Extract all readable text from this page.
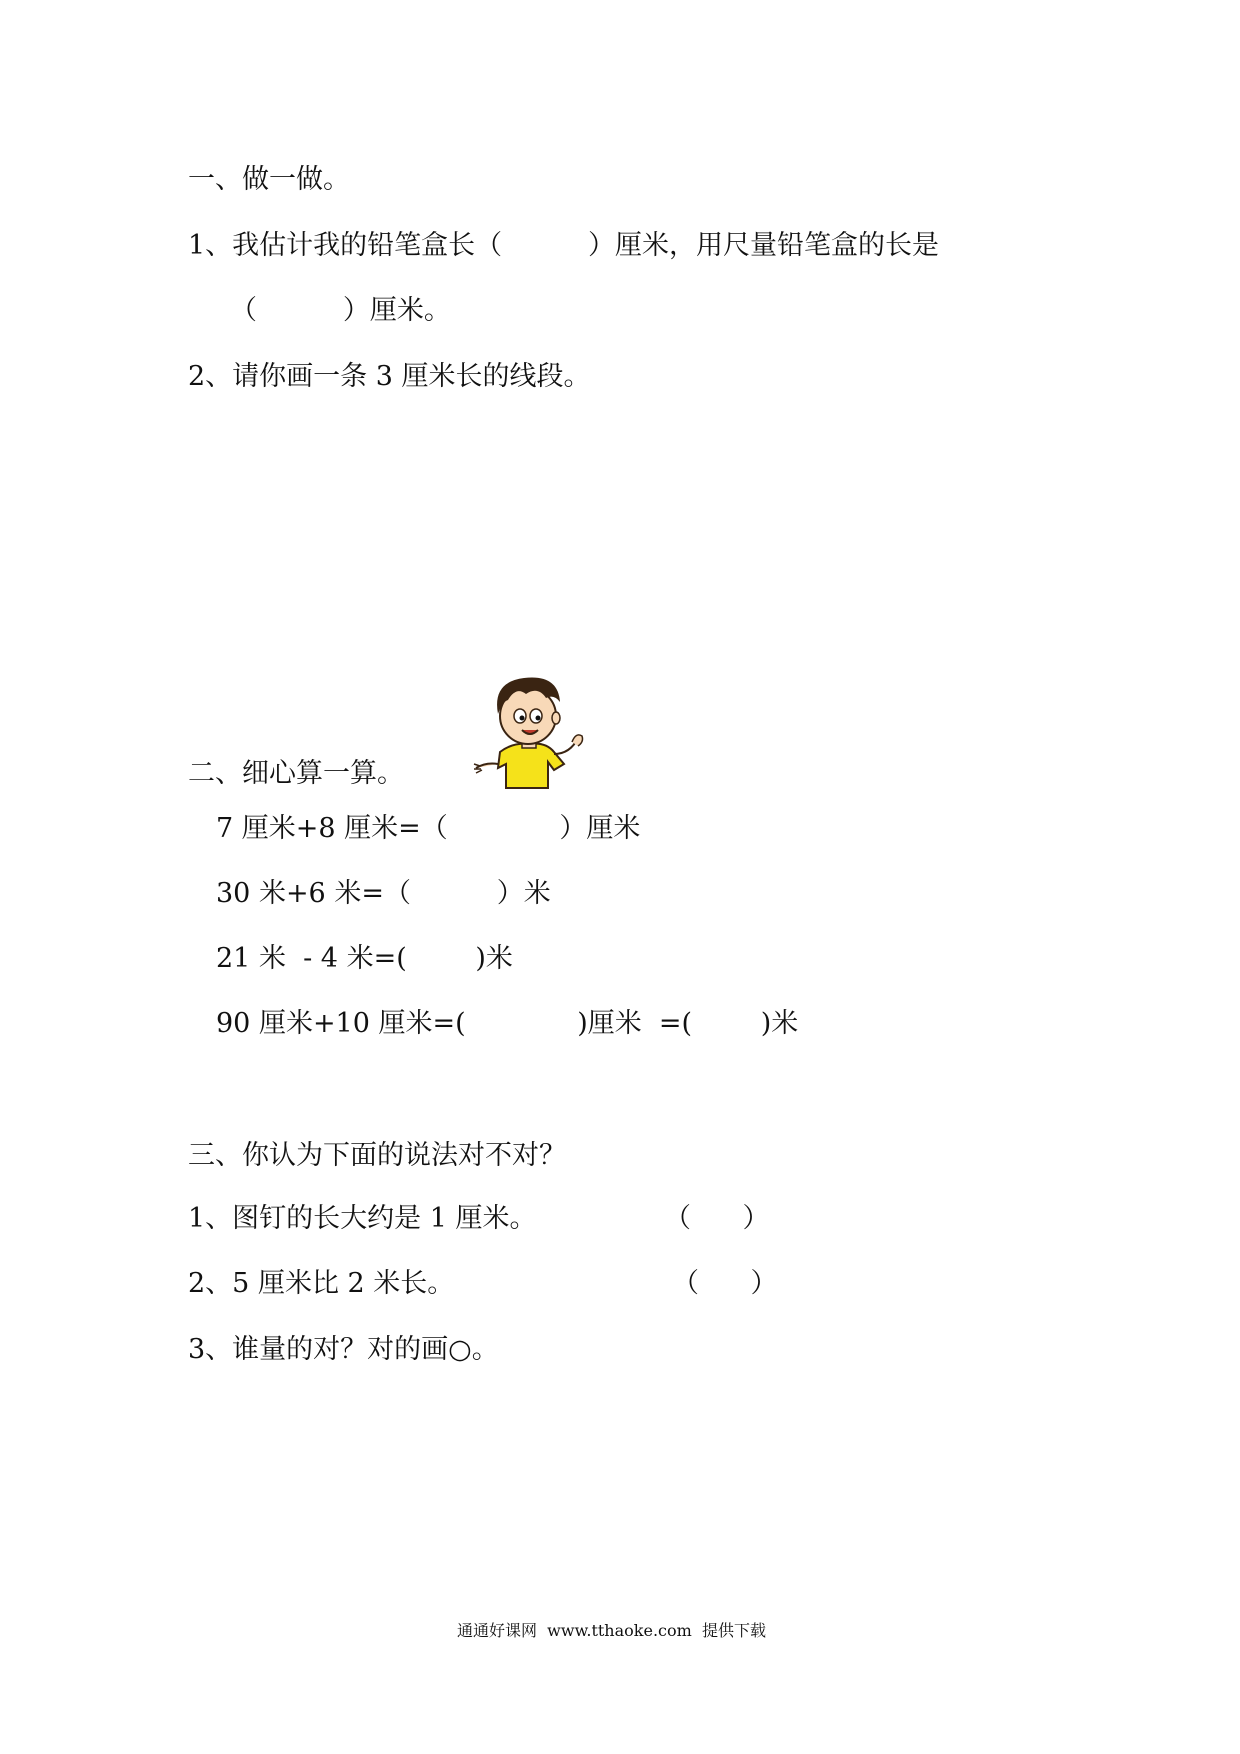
一、做一做。
1、我估计我的铅笔盒长（          ）厘米，用尺量铅笔盒的长是
（          ）厘米。
2、请你画一条 3 厘米长的线段。
二、细心算一算。
7 厘米+8 厘米=（             ）厘米
30 米+6 米=（          ）米
21 米  - 4 米=(        )米
90 厘米+10 厘米=(             )厘米  =(        )米
三、你认为下面的说法对不对？
1、图钉的长大约是 1 厘米。	（      ）
2、5 厘米比 2 米长。	（      ）
3、谁量的对？对的画○。
通通好课网  www.tthaoke.com  提供下载
